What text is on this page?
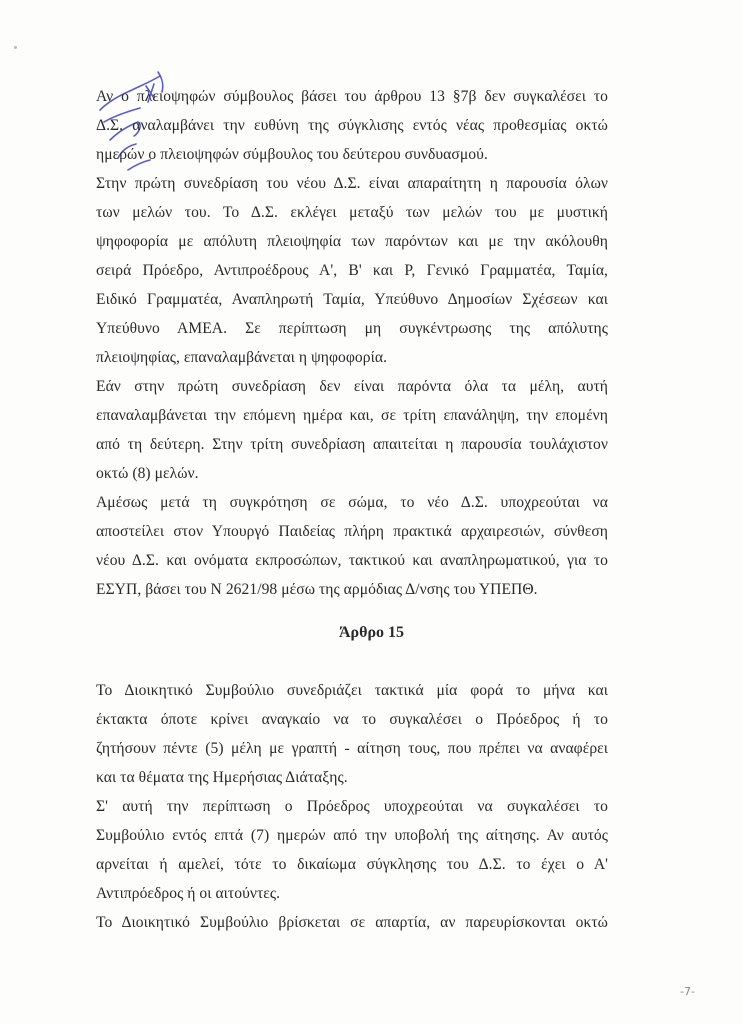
Αν ο πλειοψηφών σύμβουλος βάσει του άρθρου 13 §7β δεν συγκαλέσει το
Δ.Σ. αναλαμβάνει την ευθύνη της σύγκλισης εντός νέας προθεσμίας οκτώ
ημερών ο πλειοψηφών σύμβουλος του δεύτερου συνδυασμού.
Στην πρώτη συνεδρίαση του νέου Δ.Σ. είναι απαραίτητη η παρουσία όλων
των μελών του. Το Δ.Σ. εκλέγει μεταξύ των μελών του με μυστική
ψηφοφορία με απόλυτη πλειοψηφία των παρόντων και με την ακόλουθη
σειρά Πρόεδρο, Αντιπροέδρους Α', Β' και Ρ, Γενικό Γραμματέα, Ταμία,
Ειδικό Γραμματέα, Αναπληρωτή Ταμία, Υπεύθυνο Δημοσίων Σχέσεων και
Υπεύθυνο ΑΜΕΑ. Σε περίπτωση μη συγκέντρωσης της απόλυτης
πλειοψηφίας, επαναλαμβάνεται η ψηφοφορία.
Εάν στην πρώτη συνεδρίαση δεν είναι παρόντα όλα τα μέλη, αυτή
επαναλαμβάνεται την επόμενη ημέρα και, σε τρίτη επανάληψη, την επομένη
από τη δεύτερη. Στην τρίτη συνεδρίαση απαιτείται η παρουσία τουλάχιστον
οκτώ (8) μελών.
Αμέσως μετά τη συγκρότηση σε σώμα, το νέο Δ.Σ. υποχρεούται να
αποστείλει στον Υπουργό Παιδείας πλήρη πρακτικά αρχαιρεσιών, σύνθεση
νέου Δ.Σ. και ονόματα εκπροσώπων, τακτικού και αναπληρωματικού, για το
ΕΣΥΠ, βάσει του Ν 2621/98 μέσω της αρμόδιας Δ/νσης του ΥΠΕΠΘ.
Άρθρο 15
Το Διοικητικό Συμβούλιο συνεδριάζει τακτικά μία φορά το μήνα και
έκτακτα όποτε κρίνει αναγκαίο να το συγκαλέσει ο Πρόεδρος ή το
ζητήσουν πέντε (5) μέλη με γραπτή - αίτηση τους, που πρέπει να αναφέρει
και τα θέματα της Ημερήσιας Διάταξης.
Σ' αυτή την περίπτωση ο Πρόεδρος υποχρεούται να συγκαλέσει το
Συμβούλιο εντός επτά (7) ημερών από την υποβολή της αίτησης. Αν αυτός
αρνείται ή αμελεί, τότε το δικαίωμα σύγκλησης του Δ.Σ. το έχει ο Α'
Αντιπρόεδρος ή οι αιτούντες.
Το Διοικητικό Συμβούλιο βρίσκεται σε απαρτία, αν παρευρίσκονται οκτώ
-7-
